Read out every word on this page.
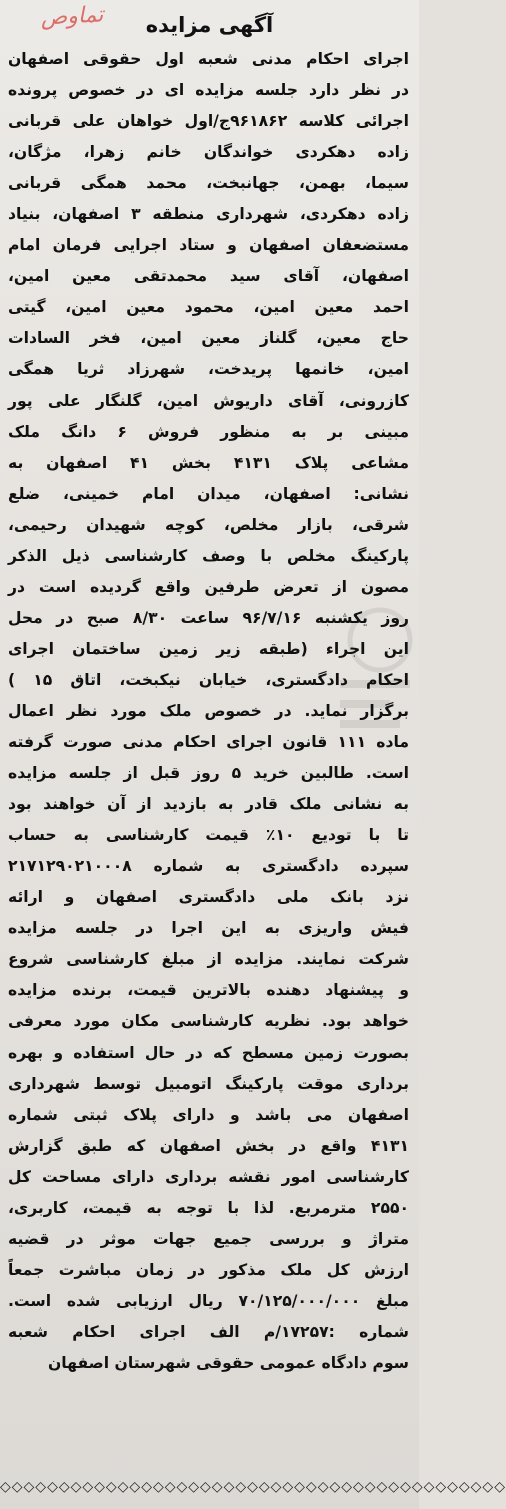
تماوص	آگهی مزایده
اجرای احکام مدنی شعبه اول حقوقی اصفهان
در نظر دارد جلسه مزایده ای در خصوص پرونده
اجرائی کلاسه ۹۶۱۸۶۲ج/اول خواهان علی قربانی
زاده دهکردی خواندگان خانم زهرا، مژگان،
سیما، بهمن، جهانبخت، محمد همگی قربانی
زاده دهکردی، شهرداری منطقه ۳ اصفهان، بنیاد
مستضعفان اصفهان و ستاد اجرایی فرمان امام
اصفهان، آقای سید محمدتقی معین امین،
احمد معین امین، محمود معین امین، گیتی
حاج معین، گلناز معین امین، فخر السادات
امین، خانمها پریدخت، شهرزاد ثریا همگی
کازرونی، آقای داریوش امین، گلنگار علی پور
مبینی بر به منظور فروش ۶ دانگ ملک
مشاعی پلاک ۴۱۳۱ بخش ۴۱ اصفهان به
نشانی: اصفهان، میدان امام خمینی، ضلع
شرقی، بازار مخلص، کوچه شهیدان رحیمی،
پارکینگ مخلص با وصف کارشناسی ذیل الذکر
مصون از تعرض طرفین واقع گردیده است در
روز یکشنبه ۹۶/۷/۱۶ ساعت ۸/۳۰ صبح در محل
این اجراء (طبقه زیر زمین ساختمان اجرای
احکام دادگستری، خیابان نیکبخت، اتاق ۱۵ )
برگزار نماید. در خصوص ملک مورد نظر اعمال
ماده ۱۱۱ قانون اجرای احکام مدنی صورت گرفته
است. طالبین خرید ۵ روز قبل از جلسه مزایده
به نشانی ملک قادر به بازدید از آن خواهند بود
تا با تودیع ۱۰٪ قیمت کارشناسی به حساب
سپرده دادگستری به شماره ۲۱۷۱۲۹۰۲۱۰۰۰۸
نزد بانک ملی دادگستری اصفهان و ارائه
فیش واریزی به این اجرا در جلسه مزایده
شرکت نمایند. مزایده از مبلغ کارشناسی شروع
و پیشنهاد دهنده بالاترین قیمت، برنده مزایده
خواهد بود. نظریه کارشناسی مکان مورد معرفی
بصورت زمین مسطح که در حال استفاده و بهره
برداری موقت پارکینگ اتومبیل توسط شهرداری
اصفهان می باشد و دارای پلاک ثبتی شماره
۴۱۳۱ واقع در بخش اصفهان که طبق گزارش
کارشناسی امور نقشه برداری دارای مساحت کل
۲۵۵۰ مترمربع. لذا با توجه به قیمت، کاربری،
متراژ و بررسی جمیع جهات موثر در قضیه
ارزش کل ملک مذکور در زمان مباشرت جمعاً
مبلغ ۷۰/۱۲۵/۰۰۰/۰۰۰ ریال ارزیابی شده است.
شماره :۱۷۲۵۷/م الف اجرای احکام شعبه
سوم دادگاه عمومی حقوقی شهرستان اصفهان
◇◇◇◇◇◇◇◇◇◇◇◇◇◇◇◇◇◇◇◇◇◇◇◇◇◇◇◇◇◇◇◇◇◇◇◇◇◇◇◇◇◇◇
